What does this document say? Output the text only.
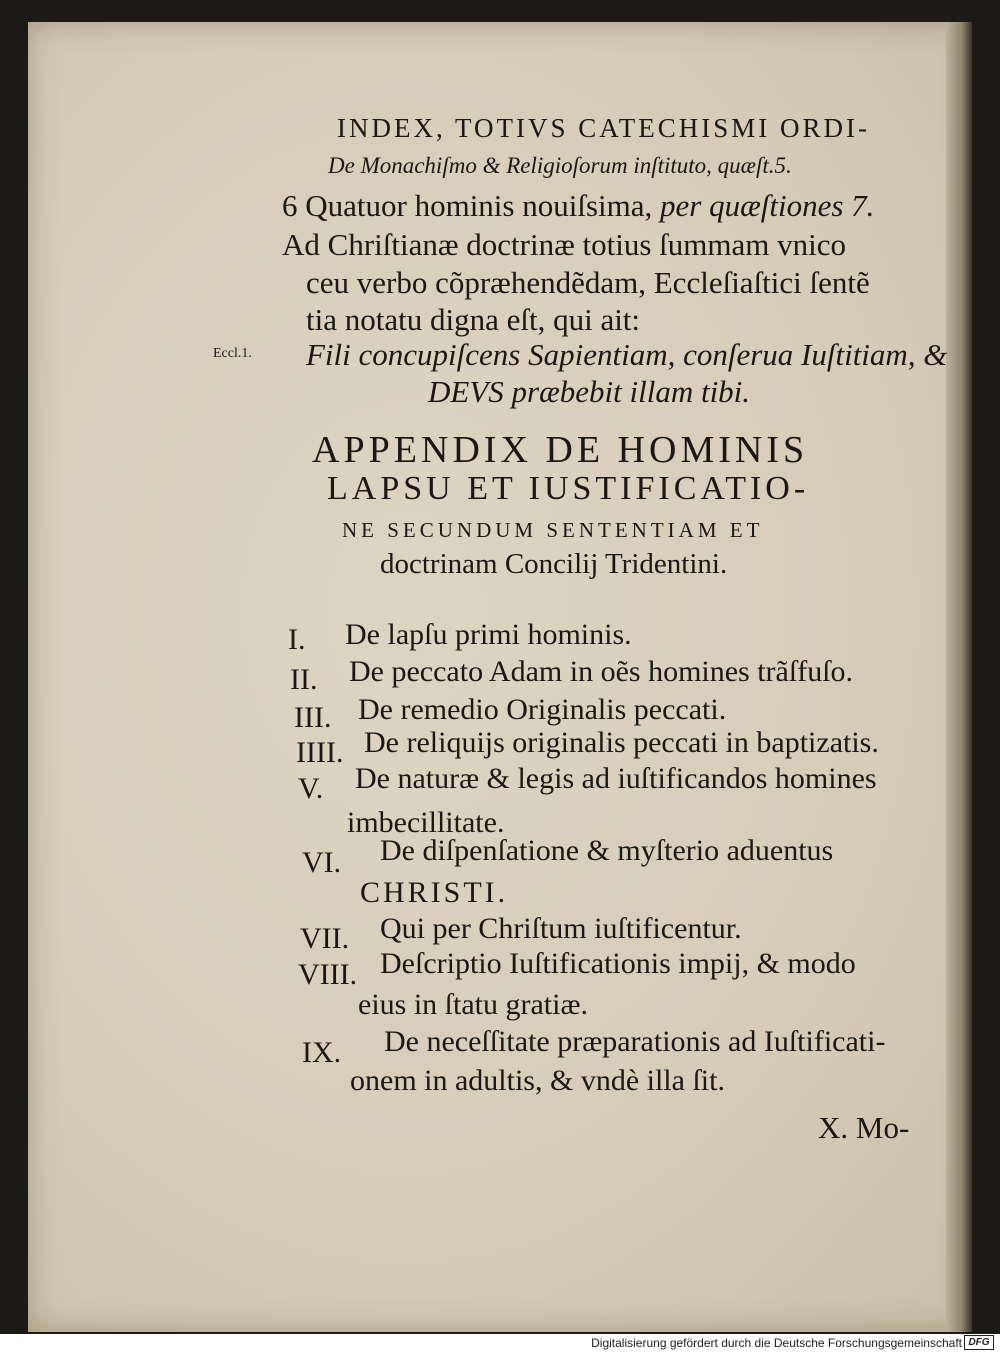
INDEX, TOTIVS CATECHISMI ORDI-
De Monachiſmo & Religioſorum inſtituto, quæſt.5.
6 Quatuor hominis nouiſsima, per quæſtiones 7.
Ad Chriſtianæ doctrinæ totius ſummam vnico
ceu verbo cõpræhendẽdam, Eccleſiaſtici ſentẽ
tia notatu digna eſt, qui ait:
Eccl.1. Fili concupiſcens Sapientiam, conſerua Iuſtitiam, &
DEVS præbebit illam tibi.
APPENDIX DE HOMINIS
LAPSU ET IUSTIFICATIO-
NE SECUNDUM SENTENTIAM ET
doctrinam Concilij Tridentini.
I. De lapſu primi hominis.
II. De peccato Adam in oẽs homines trãſfuſo.
III. De remedio Originalis peccati.
IIII. De reliquijs originalis peccati in baptizatis.
V. De naturæ & legis ad iuſtificandos homines
imbecillitate.
VI. De diſpenſatione & myſterio aduentus
CHRISTI.
VII. Qui per Chriſtum iuſtificentur.
VIII. Deſcriptio Iuſtificationis impij, & modo
eius in ſtatu gratiæ.
IX. De neceſſitate præparationis ad Iuſtificati-
onem in adultis, & vndè illa ſit.
X. Mo-
Digitalisierung gefördert durch die Deutsche Forschungsgemeinschaft DFG
